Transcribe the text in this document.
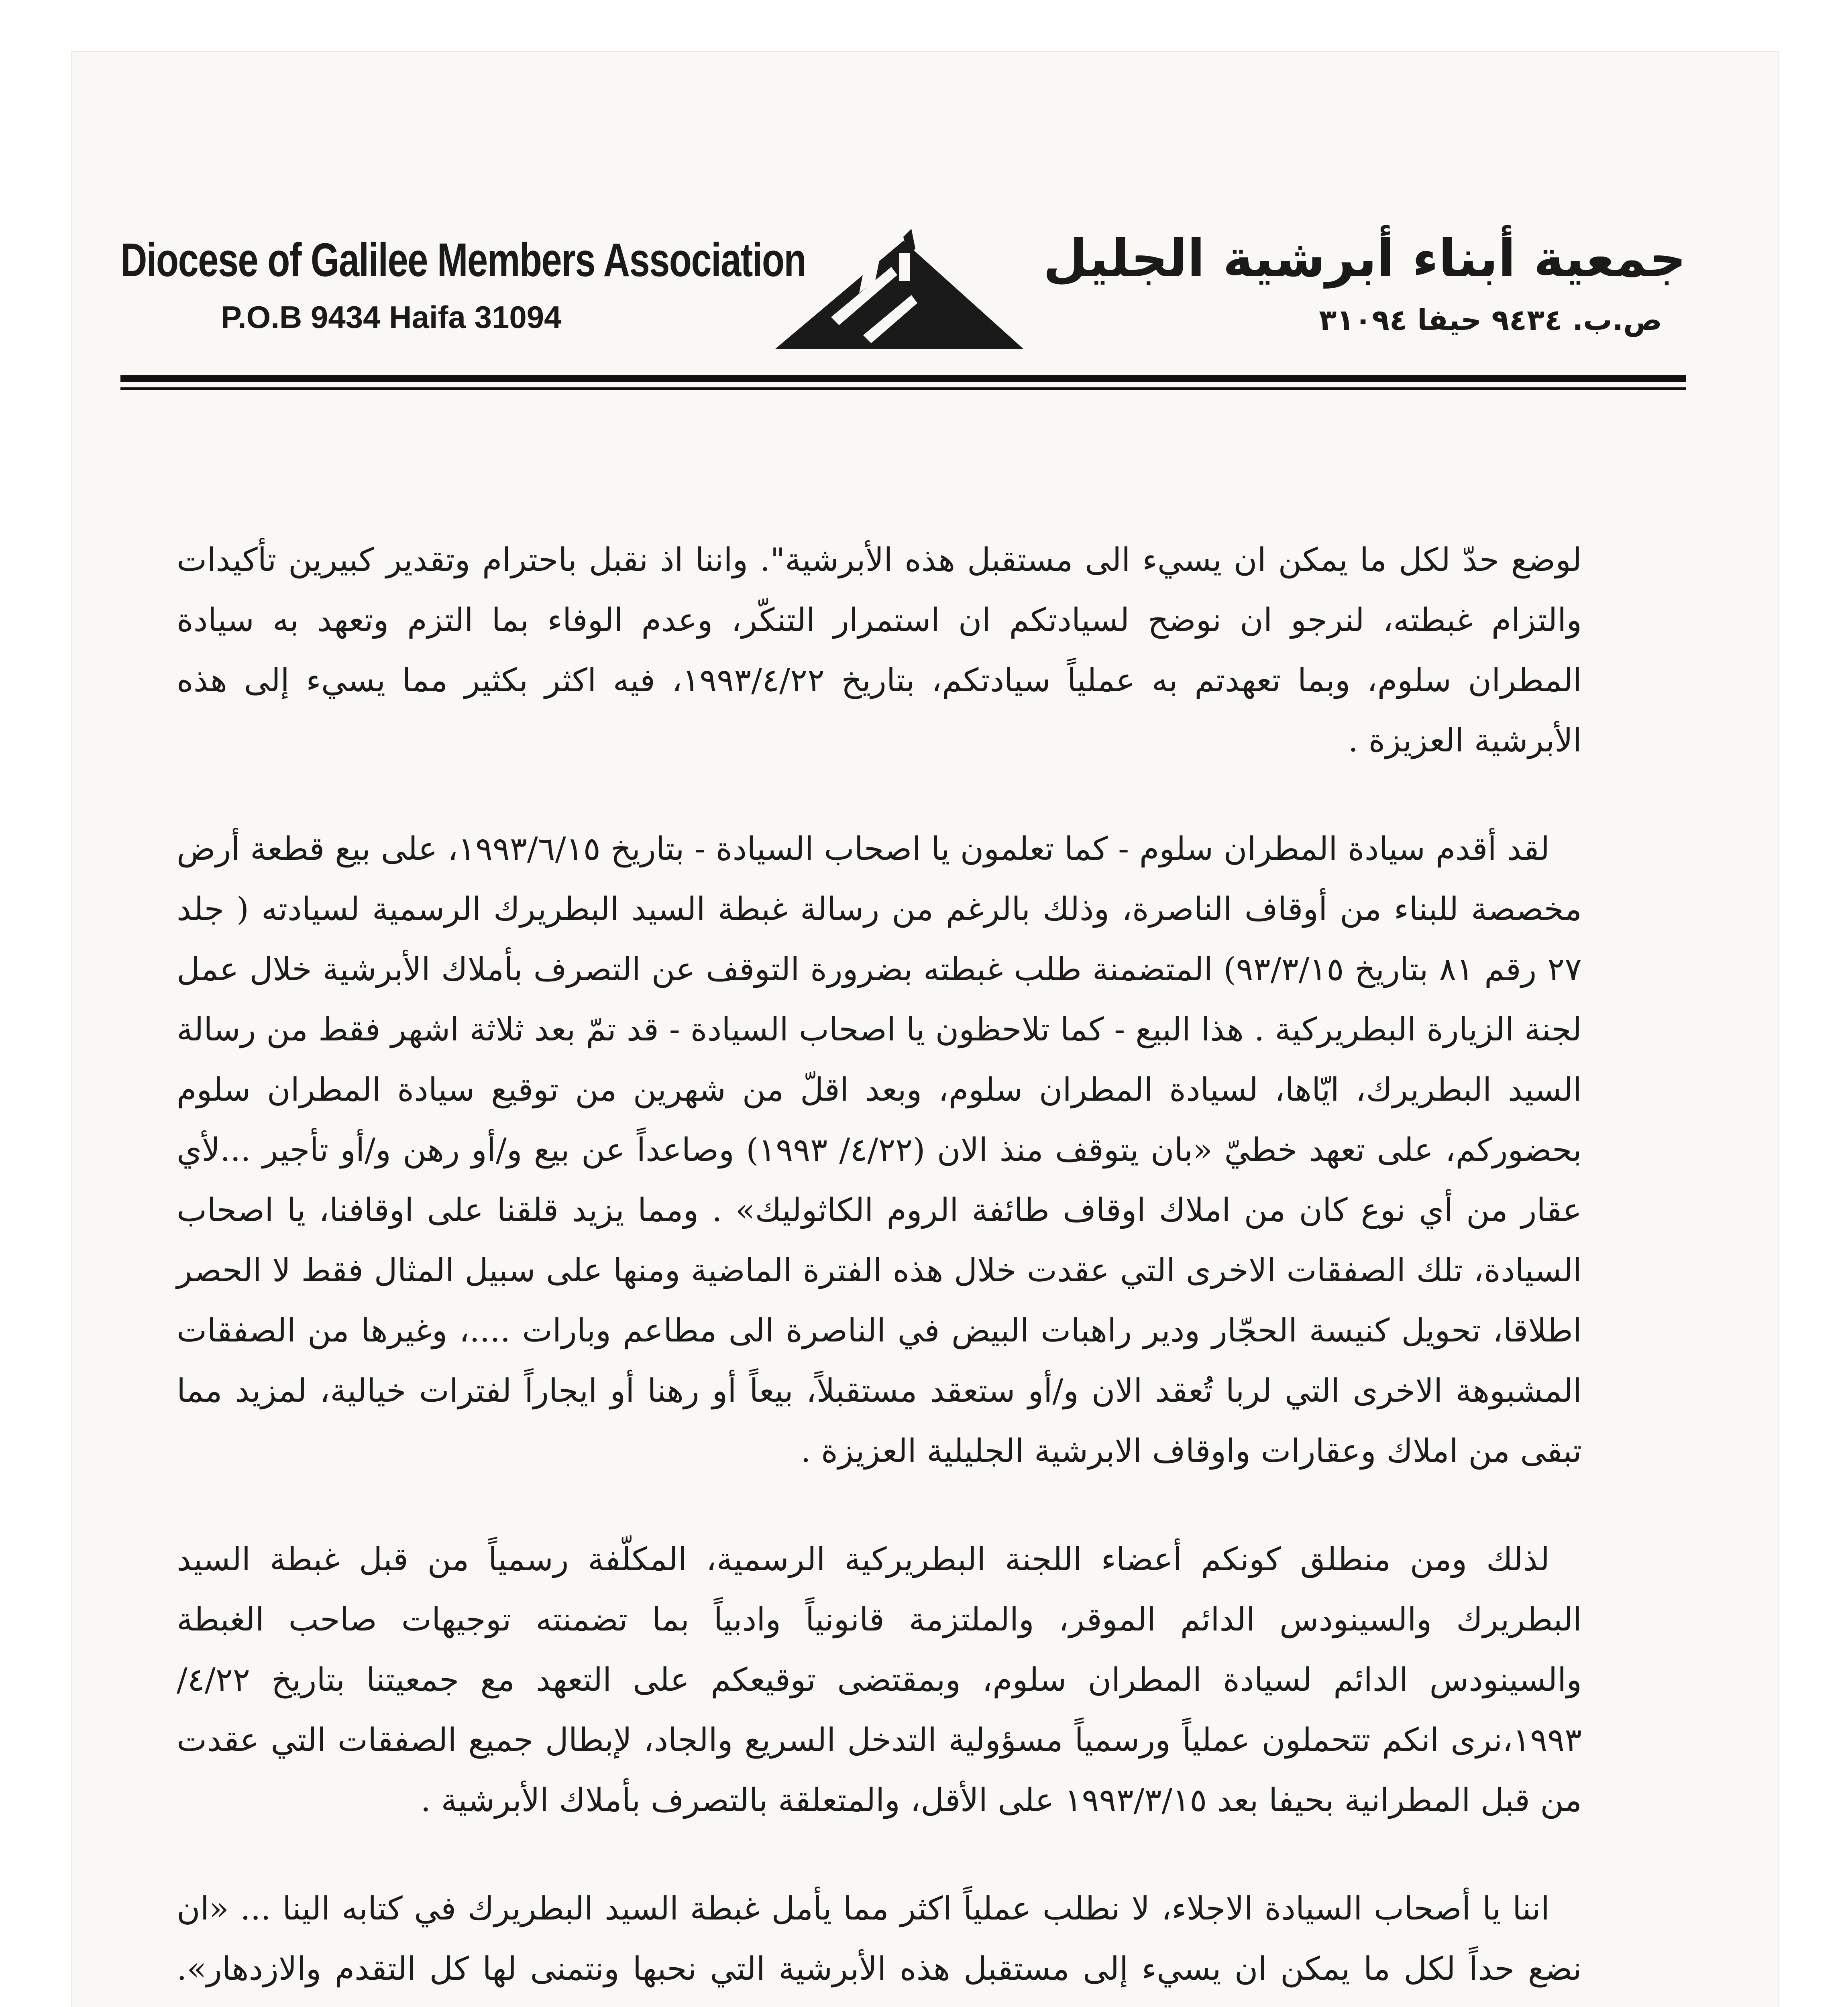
Diocese of Galilee Members Association
P.O.B 9434 Haifa 31094
جمعية أبناء أبرشية الجليل
ص.ب. ٩٤٣٤ حيفا ٣١٠٩٤

لوضع حدّ لكل ما يمكن ان يسيء الى مستقبل هذه الأبرشية". واننا اذ نقبل باحترام وتقدير كبيرين تأكيدات والتزام غبطته، لنرجو ان نوضح لسيادتكم ان استمرار التنكّر، وعدم الوفاء بما التزم وتعهد به سيادة المطران سلوم، وبما تعهدتم به عملياً سيادتكم، بتاريخ ١٩٩٣/٤/٢٢، فيه اكثر بكثير مما يسيء إلى هذه الأبرشية العزيزة .

لقد أقدم سيادة المطران سلوم - كما تعلمون يا اصحاب السيادة - بتاريخ ١٩٩٣/٦/١٥، على بيع قطعة أرض مخصصة للبناء من أوقاف الناصرة، وذلك بالرغم من رسالة غبطة السيد البطريرك الرسمية لسيادته ( جلد ٢٧ رقم ٨١ بتاريخ ٩٣/٣/١٥) المتضمنة طلب غبطته بضرورة التوقف عن التصرف بأملاك الأبرشية خلال عمل لجنة الزيارة البطريركية . هذا البيع - كما تلاحظون يا اصحاب السيادة - قد تمّ بعد ثلاثة اشهر فقط من رسالة السيد البطريرك، ايّاها، لسيادة المطران سلوم، وبعد اقلّ من شهرين من توقيع سيادة المطران سلوم بحضوركم، على تعهد خطيّ «بان يتوقف منذ الان (٤/٢٢/ ١٩٩٣) وصاعداً عن بيع و/أو رهن و/أو تأجير ...لأي عقار من أي نوع كان من املاك اوقاف طائفة الروم الكاثوليك» . ومما يزيد قلقنا على اوقافنا، يا اصحاب السيادة، تلك الصفقات الاخرى التي عقدت خلال هذه الفترة الماضية ومنها على سبيل المثال فقط لا الحصر اطلاقا، تحويل كنيسة الحجّار ودير راهبات البيض في الناصرة الى مطاعم وبارات ....، وغيرها من الصفقات المشبوهة الاخرى التي لربا تُعقد الان و/أو ستعقد مستقبلاً، بيعاً أو رهنا أو ايجاراً لفترات خيالية، لمزيد مما تبقى من املاك وعقارات واوقاف الابرشية الجليلية العزيزة .

لذلك ومن منطلق كونكم أعضاء اللجنة البطريركية الرسمية، المكلّفة رسمياً من قبل غبطة السيد البطريرك والسينودس الدائم الموقر، والملتزمة قانونياً وادبياً بما تضمنته توجيهات صاحب الغبطة والسينودس الدائم لسيادة المطران سلوم، وبمقتضى توقيعكم على التعهد مع جمعيتنا بتاريخ ٤/٢٢/ ١٩٩٣،نرى انكم تتحملون عملياً ورسمياً مسؤولية التدخل السريع والجاد، لإبطال جميع الصفقات التي عقدت من قبل المطرانية بحيفا بعد ١٩٩٣/٣/١٥ على الأقل، والمتعلقة بالتصرف بأملاك الأبرشية .

اننا يا أصحاب السيادة الاجلاء، لا نطلب عملياً اكثر مما يأمل غبطة السيد البطريرك في كتابه الينا ... «ان نضع حداً لكل ما يمكن ان يسيء إلى مستقبل هذه الأبرشية التي نحبها ونتمنى لها كل التقدم والازدهار».
